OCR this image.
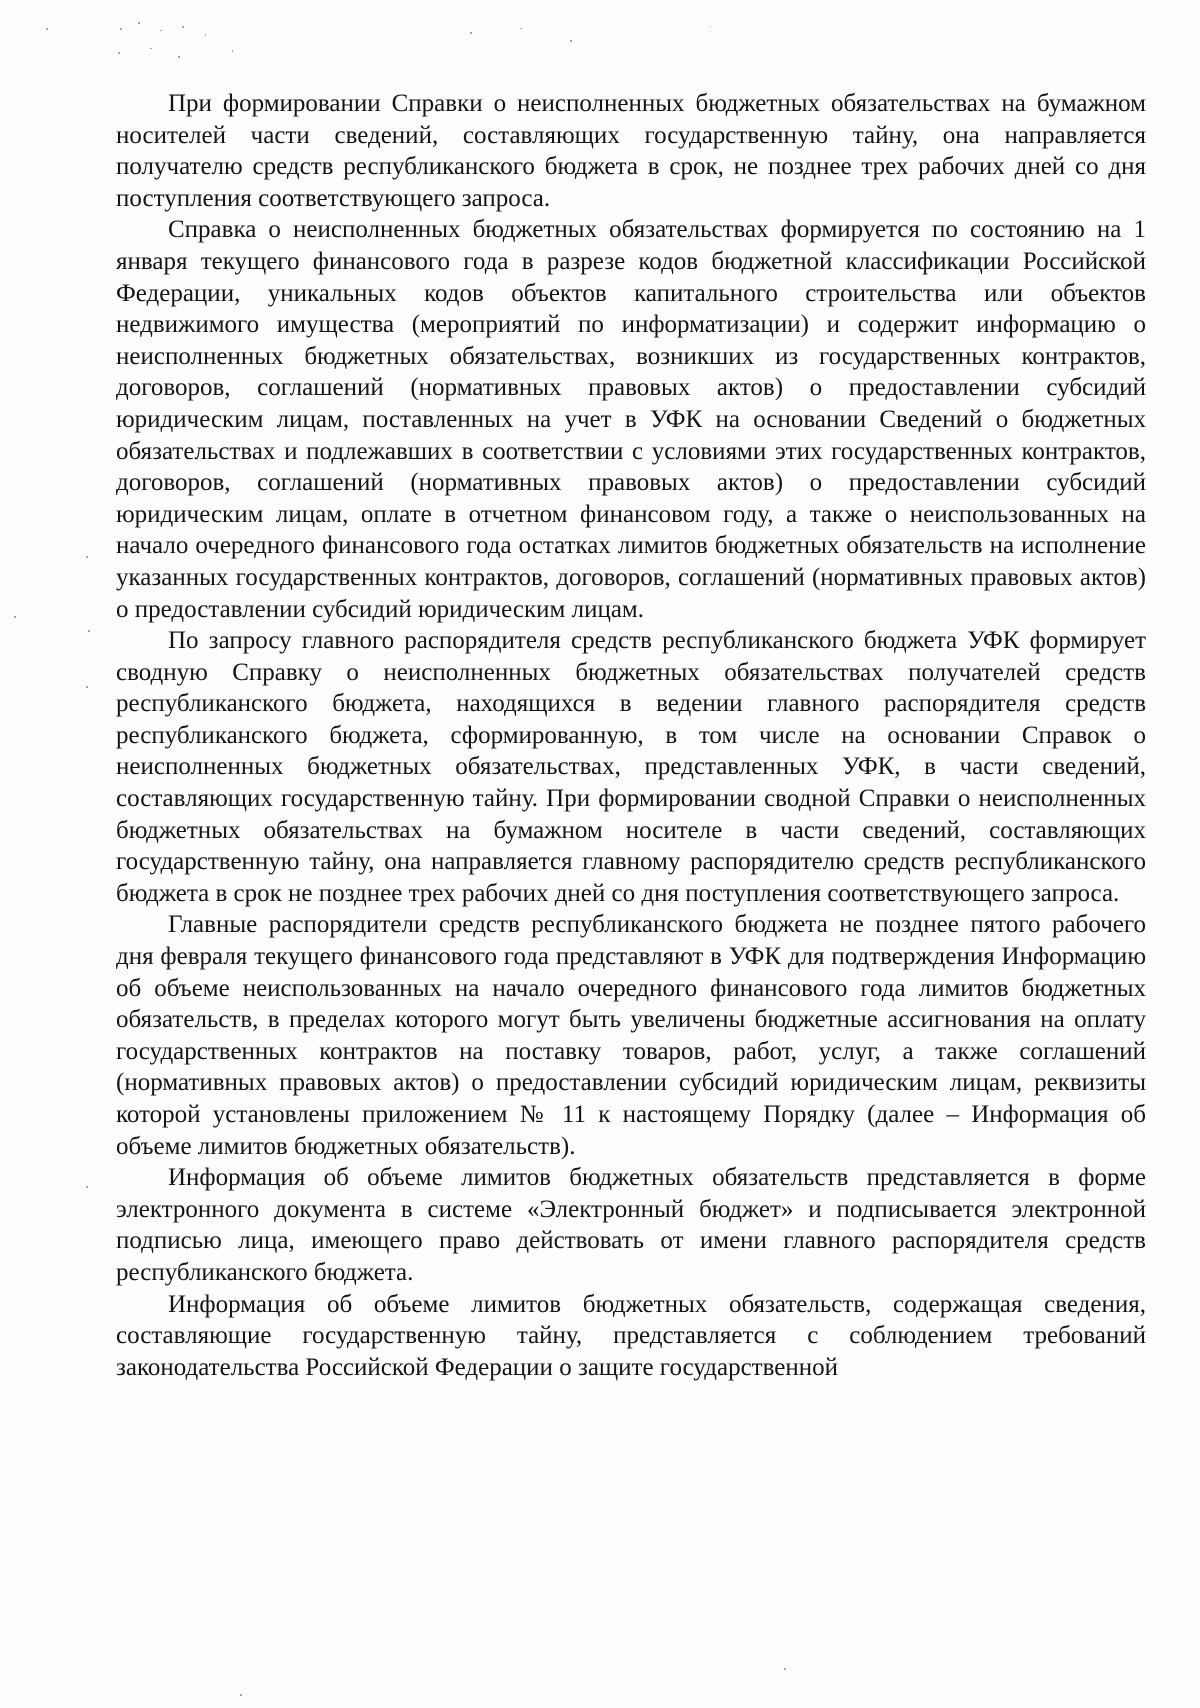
При формировании Справки о неисполненных бюджетных обязательствах на бумажном носителей части сведений, составляющих государственную тайну, она направляется получателю средств республиканского бюджета в срок, не позднее трех рабочих дней со дня поступления соответствующего запроса.

Справка о неисполненных бюджетных обязательствах формируется по состоянию на 1 января текущего финансового года в разрезе кодов бюджетной классификации Российской Федерации, уникальных кодов объектов капитального строительства или объектов недвижимого имущества (мероприятий по информатизации) и содержит информацию о неисполненных бюджетных обязательствах, возникших из государственных контрактов, договоров, соглашений (нормативных правовых актов) о предоставлении субсидий юридическим лицам, поставленных на учет в УФК на основании Сведений о бюджетных обязательствах и подлежавших в соответствии с условиями этих государственных контрактов, договоров, соглашений (нормативных правовых актов) о предоставлении субсидий юридическим лицам, оплате в отчетном финансовом году, а также о неиспользованных на начало очередного финансового года остатках лимитов бюджетных обязательств на исполнение указанных государственных контрактов, договоров, соглашений (нормативных правовых актов) о предоставлении субсидий юридическим лицам.

По запросу главного распорядителя средств республиканского бюджета УФК формирует сводную Справку о неисполненных бюджетных обязательствах получателей средств республиканского бюджета, находящихся в ведении главного распорядителя средств республиканского бюджета, сформированную, в том числе на основании Справок о неисполненных бюджетных обязательствах, представленных УФК, в части сведений, составляющих государственную тайну. При формировании сводной Справки о неисполненных бюджетных обязательствах на бумажном носителе в части сведений, составляющих государственную тайну, она направляется главному распорядителю средств республиканского бюджета в срок не позднее трех рабочих дней со дня поступления соответствующего запроса.

Главные распорядители средств республиканского бюджета не позднее пятого рабочего дня февраля текущего финансового года представляют в УФК для подтверждения Информацию об объеме неиспользованных на начало очередного финансового года лимитов бюджетных обязательств, в пределах которого могут быть увеличены бюджетные ассигнования на оплату государственных контрактов на поставку товаров, работ, услуг, а также соглашений (нормативных правовых актов) о предоставлении субсидий юридическим лицам, реквизиты которой установлены приложением № 11 к настоящему Порядку (далее – Информация об объеме лимитов бюджетных обязательств).

Информация об объеме лимитов бюджетных обязательств представляется в форме электронного документа в системе «Электронный бюджет» и подписывается электронной подписью лица, имеющего право действовать от имени главного распорядителя средств республиканского бюджета.

Информация об объеме лимитов бюджетных обязательств, содержащая сведения, составляющие государственную тайну, представляется с соблюдением требований законодательства Российской Федерации о защите государственной
